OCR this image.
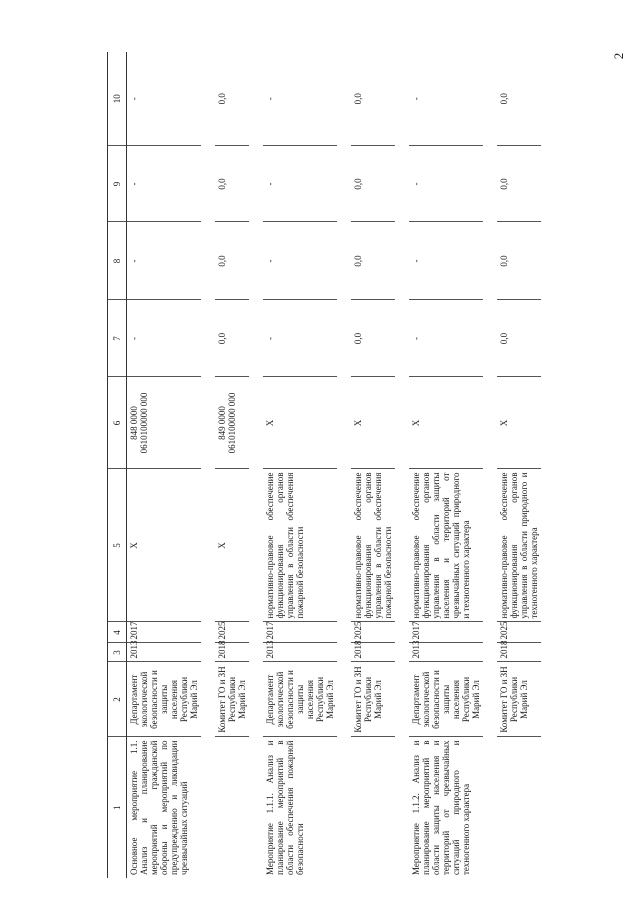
2
1	2	3	4	5	6	7	8	9	10
Основное мероприятие 1.1. Анализ и планирование мероприятий гражданской обороны и мероприятий по предупреждению и ликвидации чрезвычайных ситуаций	Департамент экологической безопасности и защиты населения Республики Марий Эл	2013	2017	X	848 0000 0610100000 000	-	-	-	-

	Комитет ГО и ЗН Республики Марий Эл	2018	2025	X	849 0000 0610100000 000	0,0	0,0	0,0	0,0

Мероприятие 1.1.1. Анализ и планирование мероприятий в области обеспечения пожарной безопасности	Департамент экологической безопасности и защиты населения Республики Марий Эл	2013	2017	нормативно-правовое обеспечение функционирования органов управления в области обеспечения пожарной безопасности	X	-	-	-	-

	Комитет ГО и ЗН Республики Марий Эл	2018	2025	нормативно-правовое обеспечение функционирования органов управления в области обеспечения пожарной безопасности	X	0,0	0,0	0,0	0,0

Мероприятие 1.1.2. Анализ и планирование мероприятий в области защиты населения и территорий от чрезвычайных ситуаций природного и техногенного характера	Департамент экологической безопасности и защиты населения Республики Марий Эл	2013	2017	нормативно-правовое обеспечение функционирования органов управления в области защиты населения и территорий от чрезвычайных ситуаций природного и техногенного характера	X	-	-	-	-

	Комитет ГО и ЗН Республики Марий Эл	2018	2025	нормативно-правовое обеспечение функционирования органов управления в области природного и техногенного характера	X	0,0	0,0	0,0	0,0
